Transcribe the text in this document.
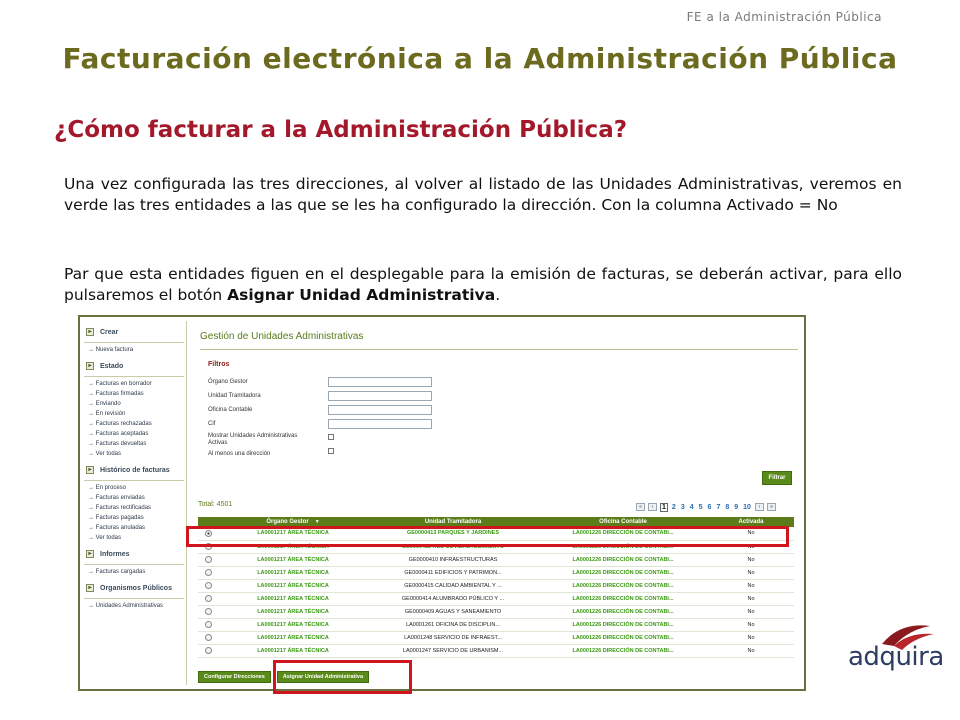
FE a la Administración Pública
Facturación electrónica a la Administración Pública
¿Cómo facturar a la Administración Pública?

Una vez configurada las tres direcciones, al volver al listado de las Unidades Administrativas, veremos en verde las tres entidades a las que se les ha configurado la dirección. Con la columna Activado = No

Par que esta entidades figuen en el desplegable para la emisión de facturas, se deberán activar, para ello pulsaremos el botón Asignar Unidad Administrativa.

▸	Crear
→ Nueva factura
▸	Estado
→ Facturas en borrador
→ Facturas firmadas
→ Enviando
→ En revisión
→ Facturas rechazadas
→ Facturas aceptadas
→ Facturas devueltas
→ Ver todas
▸	Histórico de facturas
→ En proceso
→ Facturas enviadas
→ Facturas rectificadas
→ Facturas pagadas
→ Facturas anuladas
→ Ver todas
▸	Informes
→ Facturas cargadas
▸	Organismos Públicos
→ Unidades Administrativas
Gestión de Unidades Administrativas
Filtros
Órgano Gestor
Unidad Tramitadora
Oficina Contable
Cif
Mostrar Unidades Administrativas Activas
Al menos una dirección
Filtrar
Total: 4501	«	‹	1 2 3 4 5 6 7 8 9 10	›	»
	Órgano Gestor ▼	Unidad Tramitadora	Oficina Contable	Activada
	LA0001217 ÁREA TÉCNICA	GE0000413 PARQUES Y JARDINES	LA0001226 DIRECCIÓN DE CONTABI...	No
	LA0001217 ÁREA TÉCNICA	GE0000412 RED DE ABASTECIMIENTO	LA0001226 DIRECCIÓN DE CONTABI...	No
	LA0001217 ÁREA TÉCNICA	GE0000410 INFRAESTRUCTURAS	LA0001226 DIRECCIÓN DE CONTABI...	No
	LA0001217 ÁREA TÉCNICA	GE0000411 EDIFICIOS Y PATRIMON...	LA0001226 DIRECCIÓN DE CONTABI...	No
	LA0001217 ÁREA TÉCNICA	GE0000415 CALIDAD AMBIENTAL Y ...	LA0001226 DIRECCIÓN DE CONTABI...	No
	LA0001217 ÁREA TÉCNICA	GE0000414 ALUMBRADO PÚBLICO Y ...	LA0001226 DIRECCIÓN DE CONTABI...	No
	LA0001217 ÁREA TÉCNICA	GE0000409 AGUAS Y SANEAMIENTO	LA0001226 DIRECCIÓN DE CONTABI...	No
	LA0001217 ÁREA TÉCNICA	LA0001261 OFICINA DE DISCIPLIN...	LA0001226 DIRECCIÓN DE CONTABI...	No
	LA0001217 ÁREA TÉCNICA	LA0001248 SERVICIO DE INFRAEST...	LA0001226 DIRECCIÓN DE CONTABI...	No
	LA0001217 ÁREA TÉCNICA	LA0001247 SERVICIO DE URBANISM...	LA0001226 DIRECCIÓN DE CONTABI...	No
Configurar Direcciones	Asignar Unidad Administrativa
adquira
